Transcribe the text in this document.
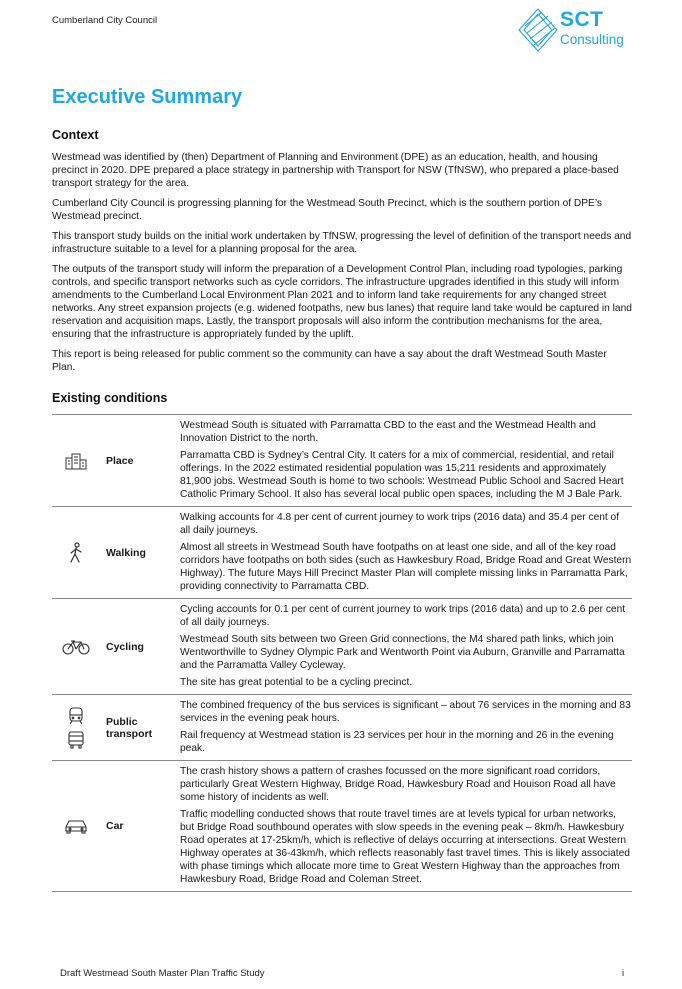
Cumberland City Council	SCT
Consulting
Executive Summary
Context

Westmead was identified by (then) Department of Planning and Environment (DPE) as an education, health, and housing precinct in 2020. DPE prepared a place strategy in partnership with Transport for NSW (TfNSW), who prepared a place-based transport strategy for the area.

Cumberland City Council is progressing planning for the Westmead South Precinct, which is the southern portion of DPE’s Westmead precinct.

This transport study builds on the initial work undertaken by TfNSW, progressing the level of definition of the transport needs and infrastructure suitable to a level for a planning proposal for the area.

The outputs of the transport study will inform the preparation of a Development Control Plan, including road typologies, parking controls, and specific transport networks such as cycle corridors. The infrastructure upgrades identified in this study will inform amendments to the Cumberland Local Environment Plan 2021 and to inform land take requirements for any changed street networks. Any street expansion projects (e.g. widened footpaths, new bus lanes) that require land take would be captured in land reservation and acquisition maps. Lastly, the transport proposals will also inform the contribution mechanisms for the area, ensuring that the infrastructure is appropriately funded by the uplift.

This report is being released for public comment so the community can have a say about the draft Westmead South Master Plan.

Existing conditions
	Place	Westmead South is situated with Parramatta CBD to the east and the Westmead Health and Innovation District to the north.

Parramatta CBD is Sydney’s Central City. It caters for a mix of commercial, residential, and retail offerings. In the 2022 estimated residential population was 15,211 residents and approximately 81,900 jobs. Westmead South is home to two schools: Westmead Public School and Sacred Heart Catholic Primary School. It also has several local public open spaces, including the M J Bale Park.

	Walking	Walking accounts for 4.8 per cent of current journey to work trips (2016 data) and 35.4 per cent of all daily journeys.

Almost all streets in Westmead South have footpaths on at least one side, and all of the key road corridors have footpaths on both sides (such as Hawkesbury Road, Bridge Road and Great Western Highway). The future Mays Hill Precinct Master Plan will complete missing links in Parramatta Park, providing connectivity to Parramatta CBD.

	Cycling	Cycling accounts for 0.1 per cent of current journey to work trips (2016 data) and up to 2.6 per cent of all daily journeys.

Westmead South sits between two Green Grid connections, the M4 shared path links, which join Wentworthville to Sydney Olympic Park and Wentworth Point via Auburn, Granville and Parramatta and the Parramatta Valley Cycleway.

The site has great potential to be a cycling precinct.

	Public transport	The combined frequency of the bus services is significant – about 76 services in the morning and 83 services in the evening peak hours.

Rail frequency at Westmead station is 23 services per hour in the morning and 26 in the evening peak.

	Car	The crash history shows a pattern of crashes focussed on the more significant road corridors, particularly Great Western Highway, Bridge Road, Hawkesbury Road and Houison Road all have some history of incidents as well.

Traffic modelling conducted shows that route travel times are at levels typical for urban networks, but Bridge Road southbound operates with slow speeds in the evening peak – 8km/h. Hawkesbury Road operates at 17-25km/h, which is reflective of delays occurring at intersections. Great Western Highway operates at 36-43km/h, which reflects reasonably fast travel times. This is likely associated with phase timings which allocate more time to Great Western Highway than the approaches from Hawkesbury Road, Bridge Road and Coleman Street.

Draft Westmead South Master Plan Traffic Study	i
